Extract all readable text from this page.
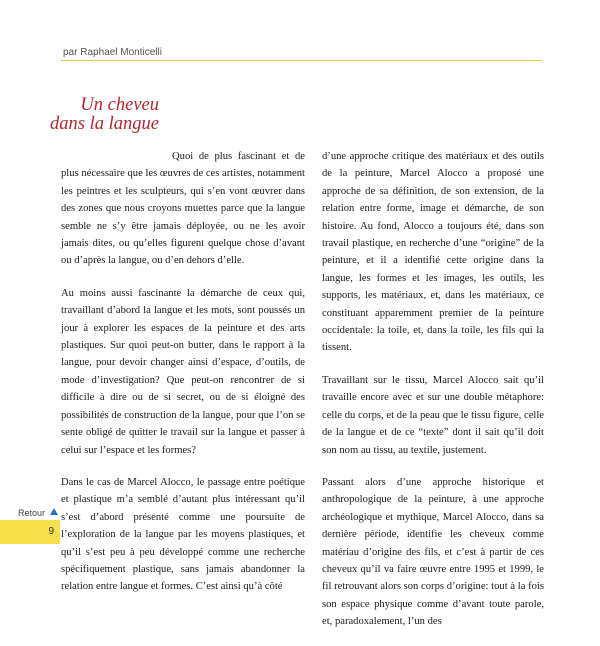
par Raphael Monticelli
Un cheveu
dans la langue

Quoi de plus fascinant et de plus nécessaire que les œuvres de ces artistes, notamment les peintres et les sculpteurs, qui s’en vont œuvrer dans des zones que nous croyons muettes parce que la langue semble ne s’y être jamais déployée, ou ne les avoir jamais dites, ou qu’elles figurent quelque chose d’avant ou d’après la langue, ou d’en dehors d’elle.

Au moins aussi fascinante la démarche de ceux qui, travaillant d’abord la langue et les mots, sont poussés un jour à explorer les espaces de la peinture et des arts plastiques. Sur quoi peut-on butter, dans le rapport à la langue, pour devoir changer ainsi d’espace, d’outils, de mode d’investigation? Que peut-on rencontrer de si difficile à dire ou de si secret, ou de si éloigné des possibilités de construction de la langue, pour que l’on se sente obligé de quitter le travail sur la langue et passer à celui sur l’espace et les formes?

Dans le cas de Marcel Alocco, le passage entre poétique et plastique m’a semblé d’autant plus intéressant qu’il s’est d’abord présenté comme une poursuite de l’exploration de la langue par les moyens plastiques, et qu’il s’est peu à peu développé comme une recherche spécifiquement plastique, sans jamais abandonner la relation entre langue et formes. C’est ainsi qu’à côté

d’une approche critique des matériaux et des outils de la peinture, Marcel Alocco a proposé une approche de sa définition, de son extension, de la relation entre forme, image et démarche, de son histoire. Au fond, Alocco a toujours été, dans son travail plastique, en recherche d’une “origine” de la peinture, et il a identifié cette origine dans la langue, les formes et les images, les outils, les supports, les matériaux, et, dans les matériaux, ce constituant apparemment premier de la peinture occidentale: la toile, et, dans la toile, les fils qui la tissent.

Travaillant sur le tissu, Marcel Alocco sait qu’il travaille encore avec et sur une double métaphore: celle du corps, et de la peau que le tissu figure, celle de la langue et de ce “texte” dont il sait qu’il doit son nom au tissu, au textile, justement.

Passant alors d’une approche historique et anthropologique de la peinture, à une approche archéologique et mythique, Marcel Alocco, dans sa dernière période, identifie les cheveux comme matériau d’origine des fils, et c’est à partir de ces cheveux qu’il va faire œuvre entre 1995 et 1999, le fil retrouvant alors son corps d’origine: tout à la fois son espace physique comme d’avant toute parole, et, paradoxalement, l’un des

Retour
9
